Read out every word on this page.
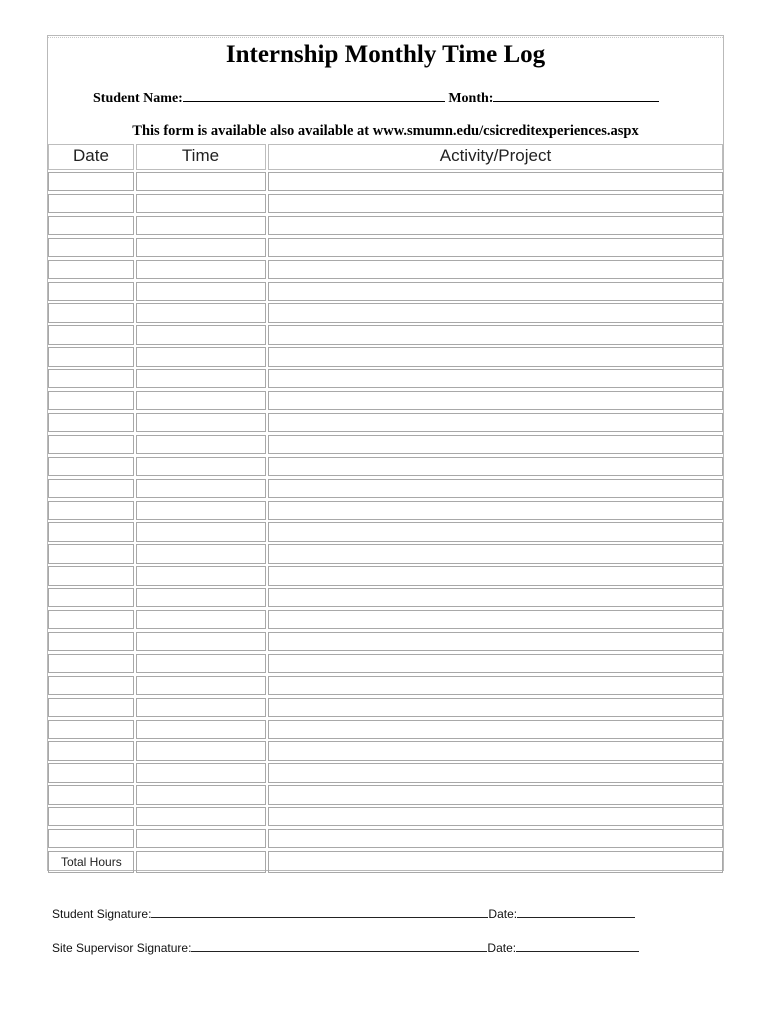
Internship Monthly Time Log
Student Name:	Month:
This form is available also available at www.smumn.edu/csicreditexperiences.aspx
Date	Time	Activity/Project
Total Hours
Student Signature:	Date:
Site Supervisor Signature:	Date:
